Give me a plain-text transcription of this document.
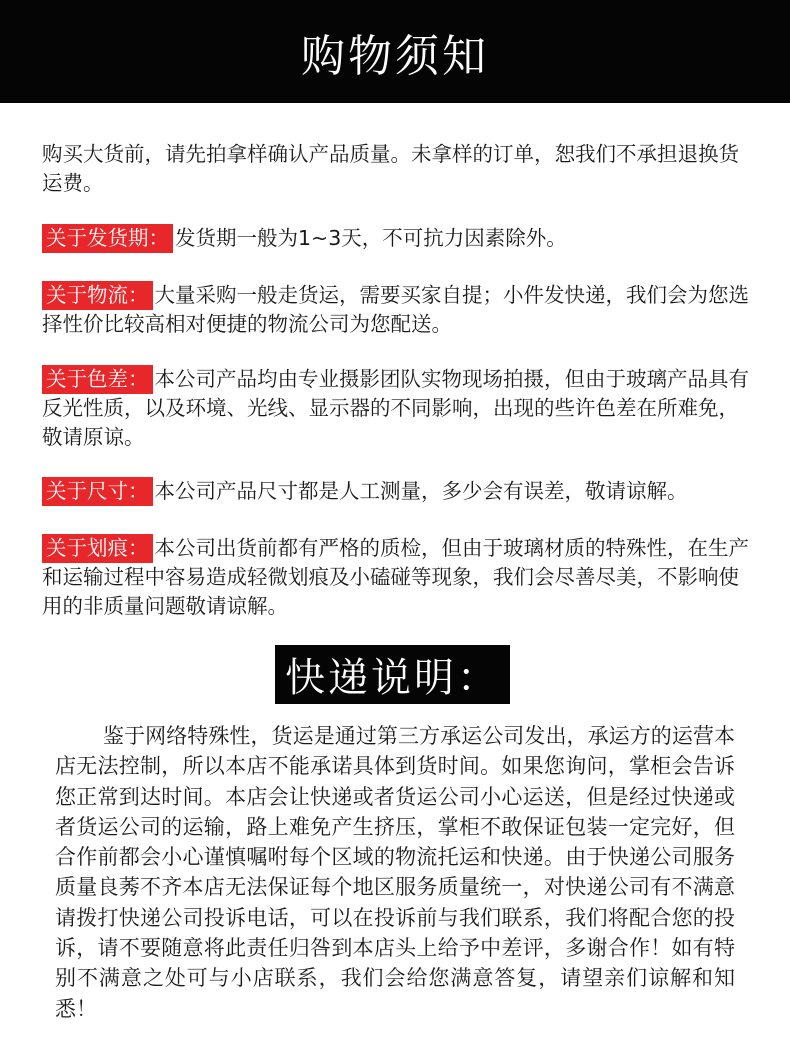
购物须知
购买大货前，请先拍拿样确认产品质量。未拿样的订单，恕我们不承担退换货运费。
关于发货期： 发货期一般为1~3天，不可抗力因素除外。
关于物流： 大量采购一般走货运，需要买家自提；小件发快递，我们会为您选择性价比较高相对便捷的物流公司为您配送。
关于色差： 本公司产品均由专业摄影团队实物现场拍摄，但由于玻璃产品具有反光性质，以及环境、光线、显示器的不同影响，出现的些许色差在所难免，敬请原谅。
关于尺寸： 本公司产品尺寸都是人工测量，多少会有误差，敬请谅解。
关于划痕： 本公司出货前都有严格的质检，但由于玻璃材质的特殊性，在生产和运输过程中容易造成轻微划痕及小磕碰等现象，我们会尽善尽美，不影响使用的非质量问题敬请谅解。
快递说明：
鉴于网络特殊性，货运是通过第三方承运公司发出，承运方的运营本店无法控制，所以本店不能承诺具体到货时间。如果您询问，掌柜会告诉您正常到达时间。本店会让快递或者货运公司小心运送，但是经过快递或者货运公司的运输，路上难免产生挤压，掌柜不敢保证包装一定完好，但合作前都会小心谨慎嘱咐每个区域的物流托运和快递。由于快递公司服务质量良莠不齐本店无法保证每个地区服务质量统一，对快递公司有不满意请拨打快递公司投诉电话，可以在投诉前与我们联系，我们将配合您的投诉，请不要随意将此责任归咎到本店头上给予中差评，多谢合作！如有特别不满意之处可与小店联系，我们会给您满意答复，请望亲们谅解和知悉！
